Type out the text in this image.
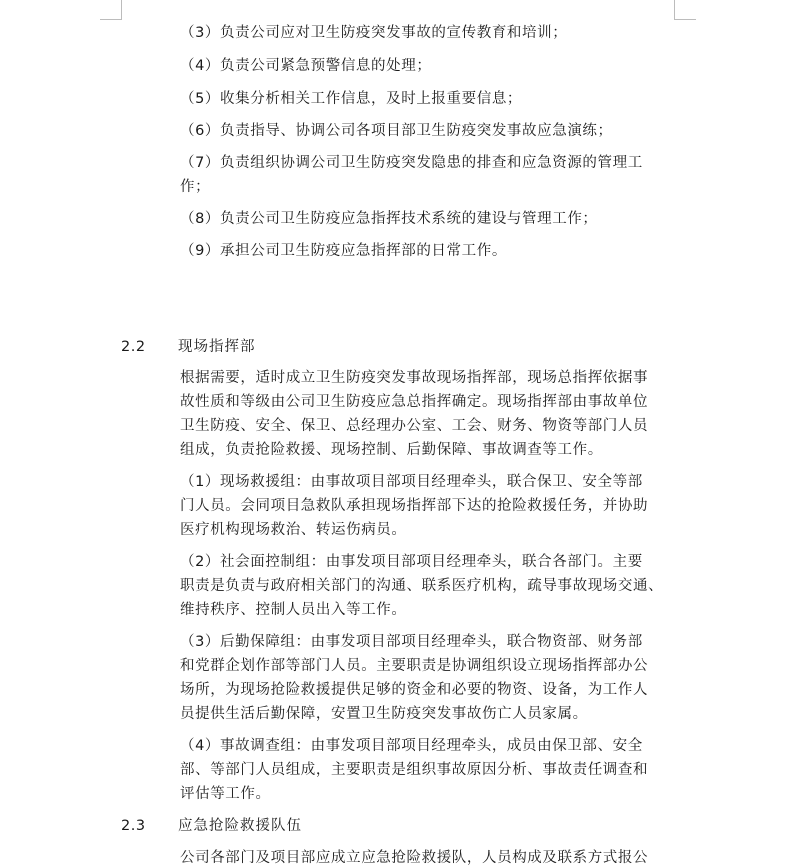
（3）负责公司应对卫生防疫突发事故的宣传教育和培训；
（4）负责公司紧急预警信息的处理；
（5）收集分析相关工作信息，及时上报重要信息；
（6）负责指导、协调公司各项目部卫生防疫突发事故应急演练；
（7）负责组织协调公司卫生防疫突发隐患的排查和应急资源的管理工
作；
（8）负责公司卫生防疫应急指挥技术系统的建设与管理工作；
（9）承担公司卫生防疫应急指挥部的日常工作。
2.2 现场指挥部
根据需要，适时成立卫生防疫突发事故现场指挥部，现场总指挥依据事
故性质和等级由公司卫生防疫应急总指挥确定。现场指挥部由事故单位
卫生防疫、安全、保卫、总经理办公室、工会、财务、物资等部门人员
组成，负责抢险救援、现场控制、后勤保障、事故调查等工作。
（1）现场救援组：由事故项目部项目经理牵头，联合保卫、安全等部
门人员。会同项目急救队承担现场指挥部下达的抢险救援任务，并协助
医疗机构现场救治、转运伤病员。
（2）社会面控制组：由事发项目部项目经理牵头，联合各部门。主要
职责是负责与政府相关部门的沟通、联系医疗机构，疏导事故现场交通、
维持秩序、控制人员出入等工作。
（3）后勤保障组：由事发项目部项目经理牵头，联合物资部、财务部
和党群企划作部等部门人员。主要职责是协调组织设立现场指挥部办公
场所，为现场抢险救援提供足够的资金和必要的物资、设备，为工作人
员提供生活后勤保障，安置卫生防疫突发事故伤亡人员家属。
（4）事故调查组：由事发项目部项目经理牵头，成员由保卫部、安全
部、等部门人员组成，主要职责是组织事故原因分析、事故责任调查和
评估等工作。
2.3 应急抢险救援队伍
公司各部门及项目部应成立应急抢险救援队，人员构成及联系方式报公
